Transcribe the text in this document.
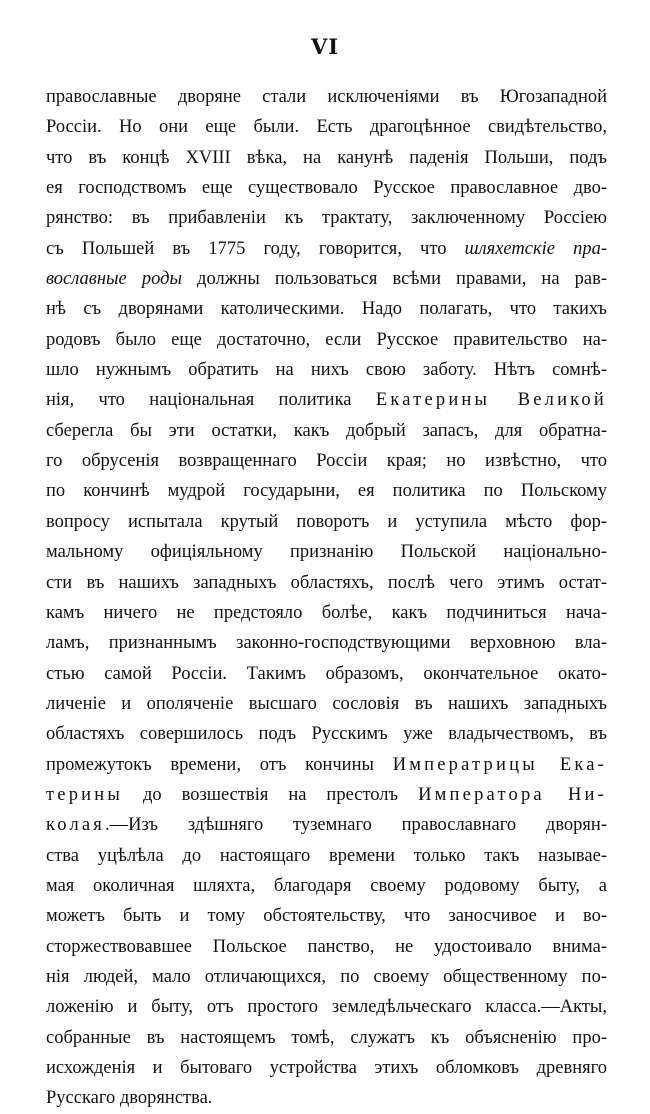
VI
православные дворяне стали исключеніями въ Югозападной
Россіи. Но они еще были. Есть драгоцѣнное свидѣтельство,
что въ концѣ XVIII вѣка, на канунѣ паденія Польши, подъ
ея господствомъ еще существовало Русское православное дво-
рянство: въ прибавленіи къ трактату, заключенному Россіею
съ Польшей въ 1775 году, говорится, что шляхетскіе пра-
вославные роды должны пользоваться всѣми правами, на рав-
нѣ съ дворянами католическими. Надо полагать, что такихъ
родовъ было еще достаточно, если Русское правительство на-
шло нужнымъ обратить на нихъ свою заботу. Нѣтъ сомнѣ-
нія, что національная политика Екатерины Великой
сберегла бы эти остатки, какъ добрый запасъ, для обратна-
го обрусенія возвращеннаго Россіи края; но извѣстно, что
по кончинѣ мудрой государыни, ея политика по Польскому
вопросу испытала крутый поворотъ и уступила мѣсто фор-
мальному офиціяльному признанію Польской національно-
сти въ нашихъ западныхъ областяхъ, послѣ чего этимъ остат-
камъ ничего не предстояло болѣе, какъ подчиниться нача-
ламъ, признаннымъ законно-господствующими верховною вла-
стью самой Россіи. Такимъ образомъ, окончательное окато-
личеніе и ополяченіе высшаго сословія въ нашихъ западныхъ
областяхъ совершилось подъ Русскимъ уже владычествомъ, въ
промежутокъ времени, отъ кончины Императрицы Ека-
терины до возшествія на престолъ Императора Ни-
колая.—Изъ здѣшняго туземнаго православнаго дворян-
ства уцѣлѣла до настоящаго времени только такъ называе-
мая околичная шляхта, благодаря своему родовому быту, а
можетъ быть и тому обстоятельству, что заносчивое и во-
сторжествовавшее Польское панство, не удостоивало внима-
нія людей, мало отличающихся, по своему общественному по-
ложенію и быту, отъ простого земледѣльческаго класса.—Акты,
собранные въ настоящемъ томѣ, служатъ къ объясненію про-
исхожденія и бытоваго устройства этихъ обломковъ древняго
Русскаго дворянства.
